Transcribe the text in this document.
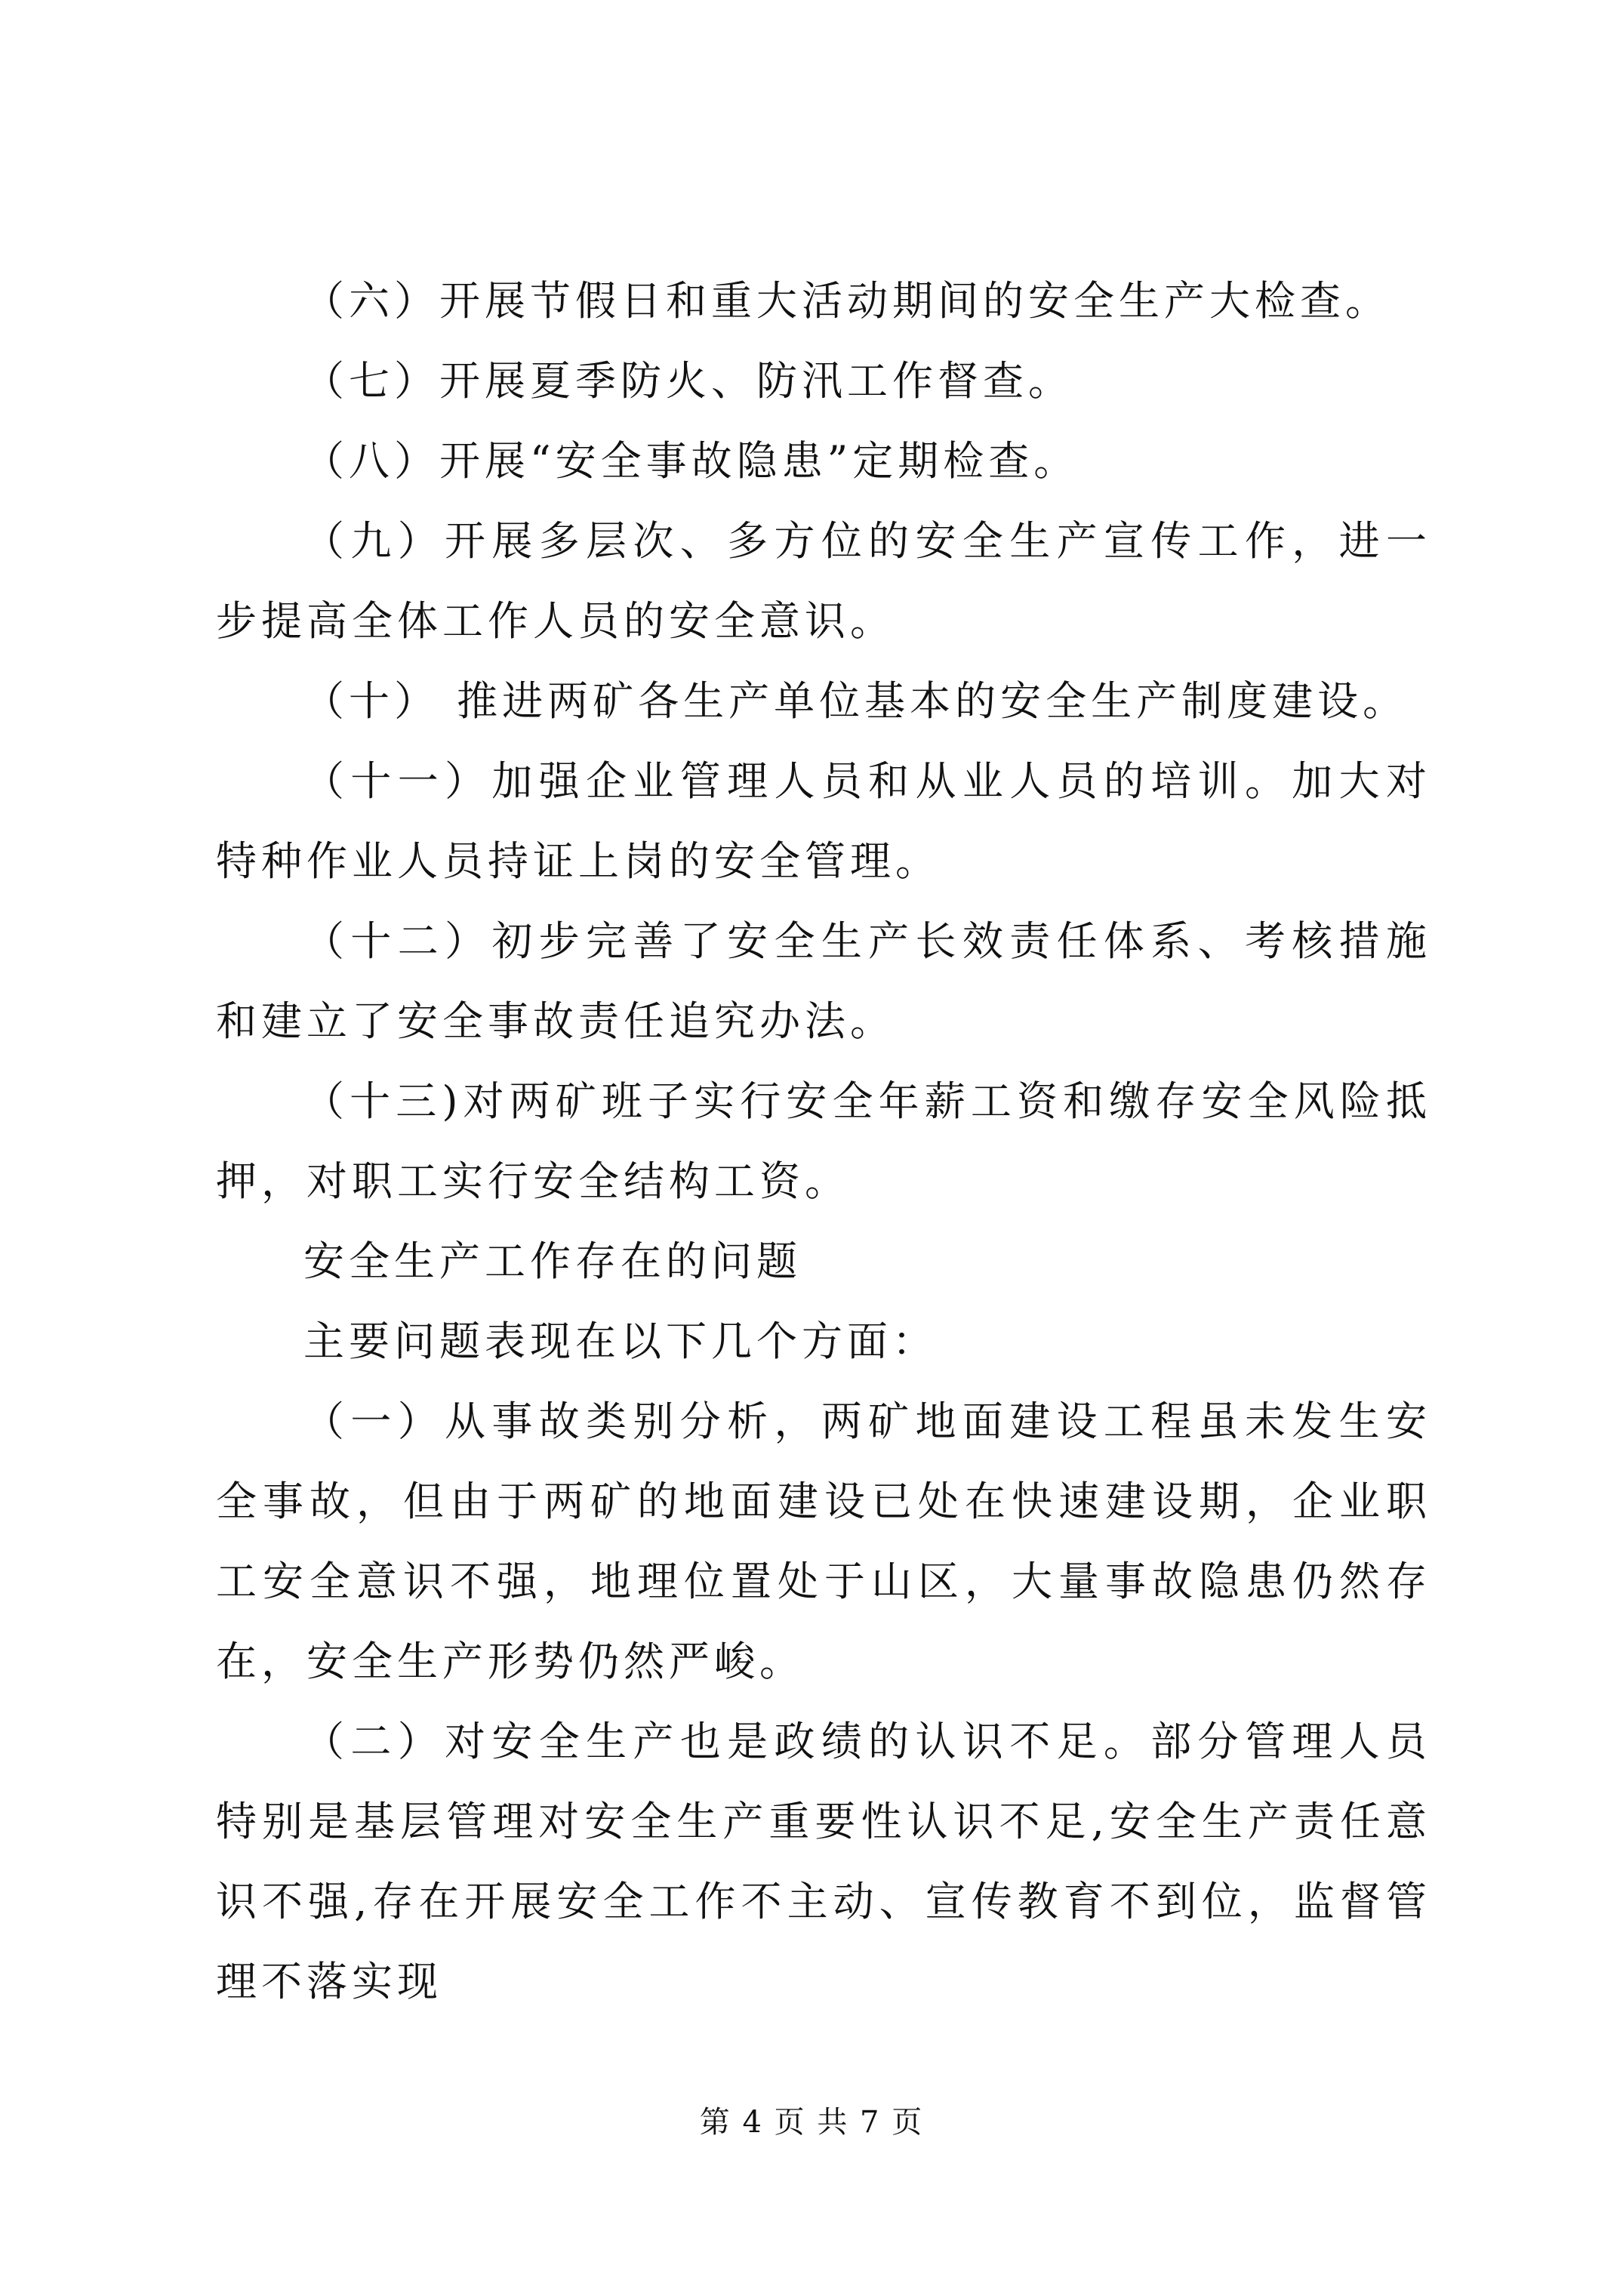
（六）开展节假日和重大活动期间的安全生产大检查。

（七）开展夏季防火、防汛工作督查。

（八）开展“安全事故隐患”定期检查。

（九）开展多层次、多方位的安全生产宣传工作，进一步提高全体工作人员的安全意识。

（十） 推进两矿各生产单位基本的安全生产制度建设。

（十一）加强企业管理人员和从业人员的培训。加大对特种作业人员持证上岗的安全管理。

（十二）初步完善了安全生产长效责任体系、考核措施和建立了安全事故责任追究办法。

（十三)对两矿班子实行安全年薪工资和缴存安全风险抵押，对职工实行安全结构工资。

安全生产工作存在的问题

主要问题表现在以下几个方面：

（一）从事故类别分析，两矿地面建设工程虽未发生安全事故，但由于两矿的地面建设已处在快速建设期，企业职工安全意识不强，地理位置处于山区，大量事故隐患仍然存在，安全生产形势仍然严峻。

（二）对安全生产也是政绩的认识不足。部分管理人员特别是基层管理对安全生产重要性认识不足,安全生产责任意识不强,存在开展安全工作不主动、宣传教育不到位，监督管理不落实现

第 4 页 共 7 页
